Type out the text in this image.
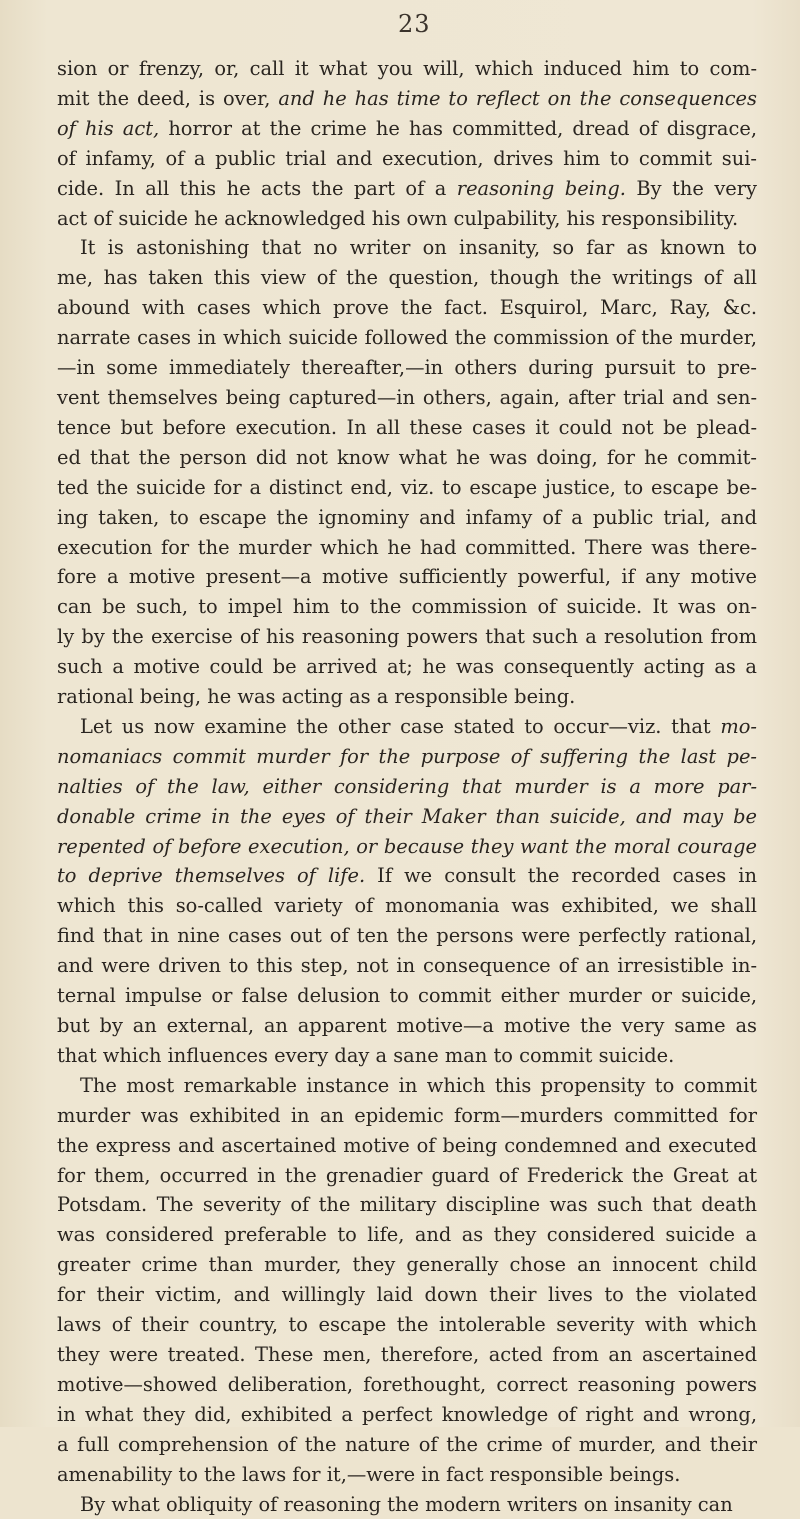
23
sion or frenzy, or, call it what you will, which induced him to com-
mit the deed, is over, and he has time to reflect on the consequences
of his act, horror at the crime he has committed, dread of disgrace,
of infamy, of a public trial and execution, drives him to commit sui-
cide. In all this he acts the part of a reasoning being. By the very
act of suicide he acknowledged his own culpability, his responsibility.
It is astonishing that no writer on insanity, so far as known to
me, has taken this view of the question, though the writings of all
abound with cases which prove the fact. Esquirol, Marc, Ray, &c.
narrate cases in which suicide followed the commission of the murder,
—in some immediately thereafter,—in others during pursuit to pre-
vent themselves being captured—in others, again, after trial and sen-
tence but before execution. In all these cases it could not be plead-
ed that the person did not know what he was doing, for he commit-
ted the suicide for a distinct end, viz. to escape justice, to escape be-
ing taken, to escape the ignominy and infamy of a public trial, and
execution for the murder which he had committed. There was there-
fore a motive present—a motive sufficiently powerful, if any motive
can be such, to impel him to the commission of suicide. It was on-
ly by the exercise of his reasoning powers that such a resolution from
such a motive could be arrived at; he was consequently acting as a
rational being, he was acting as a responsible being.
Let us now examine the other case stated to occur—viz. that mo-
nomaniacs commit murder for the purpose of suffering the last pe-
nalties of the law, either considering that murder is a more par-
donable crime in the eyes of their Maker than suicide, and may be
repented of before execution, or because they want the moral courage
to deprive themselves of life. If we consult the recorded cases in
which this so-called variety of monomania was exhibited, we shall
find that in nine cases out of ten the persons were perfectly rational,
and were driven to this step, not in consequence of an irresistible in-
ternal impulse or false delusion to commit either murder or suicide,
but by an external, an apparent motive—a motive the very same as
that which influences every day a sane man to commit suicide.
The most remarkable instance in which this propensity to commit
murder was exhibited in an epidemic form—murders committed for
the express and ascertained motive of being condemned and executed
for them, occurred in the grenadier guard of Frederick the Great at
Potsdam. The severity of the military discipline was such that death
was considered preferable to life, and as they considered suicide a
greater crime than murder, they generally chose an innocent child
for their victim, and willingly laid down their lives to the violated
laws of their country, to escape the intolerable severity with which
they were treated. These men, therefore, acted from an ascertained
motive—showed deliberation, forethought, correct reasoning powers
in what they did, exhibited a perfect knowledge of right and wrong,
a full comprehension of the nature of the crime of murder, and their
amenability to the laws for it,—were in fact responsible beings.
By what obliquity of reasoning the modern writers on insanity can
